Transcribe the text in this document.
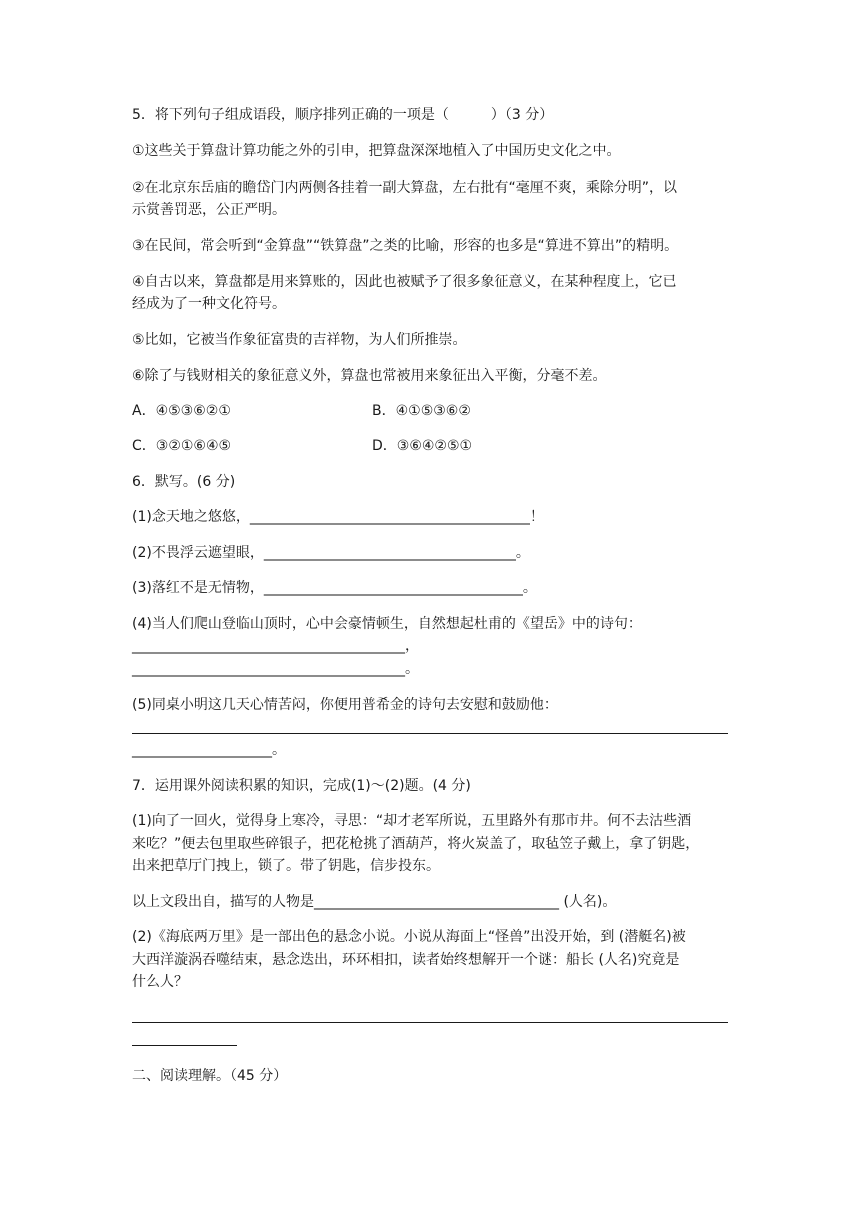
5．将下列句子组成语段，顺序排列正确的一项是（　　　）（3 分）
①这些关于算盘计算功能之外的引申，把算盘深深地植入了中国历史文化之中。
②在北京东岳庙的瞻岱门内两侧各挂着一副大算盘，左右批有“毫厘不爽，乘除分明”，以
示赏善罚恶，公正严明。
③在民间，常会听到“金算盘”“铁算盘”之类的比喻，形容的也多是“算进不算出”的精明。
④自古以来，算盘都是用来算账的，因此也被赋予了很多象征意义，在某种程度上，它已
经成为了一种文化符号。
⑤比如，它被当作象征富贵的吉祥物，为人们所推崇。
⑥除了与钱财相关的象征意义外，算盘也常被用来象征出入平衡，分毫不差。
A．④⑤③⑥②①	B．④①⑤③⑥②
C．③②①⑥④⑤	D．③⑥④②⑤①
6．默写。(6 分)
(1)念天地之悠悠，________________________________________！
(2)不畏浮云遮望眼，____________________________________。
(3)落红不是无情物，_____________________________________。
(4)当人们爬山登临山顶时，心中会豪情顿生，自然想起杜甫的《望岳》中的诗句：
_______________________________________，
_______________________________________。
(5)同桌小明这几天心情苦闷，你便用普希金的诗句去安慰和鼓励他：
____________________。
7．运用课外阅读积累的知识，完成(1)～(2)题。(4 分)
(1)向了一回火，觉得身上寒冷，寻思：“却才老军所说，五里路外有那市井。何不去沽些酒
来吃？”便去包里取些碎银子，把花枪挑了酒葫芦，将火炭盖了，取毡笠子戴上，拿了钥匙，
出来把草厅门拽上，锁了。带了钥匙，信步投东。
以上文段出自，描写的人物是___________________________________ (人名)。
(2)《海底两万里》是一部出色的悬念小说。小说从海面上“怪兽”出没开始，到 (潜艇名)被
大西洋漩涡吞噬结束，悬念迭出，环环相扣，读者始终想解开一个谜：船长 (人名)究竟是
什么人？
二、阅读理解。（45 分）
